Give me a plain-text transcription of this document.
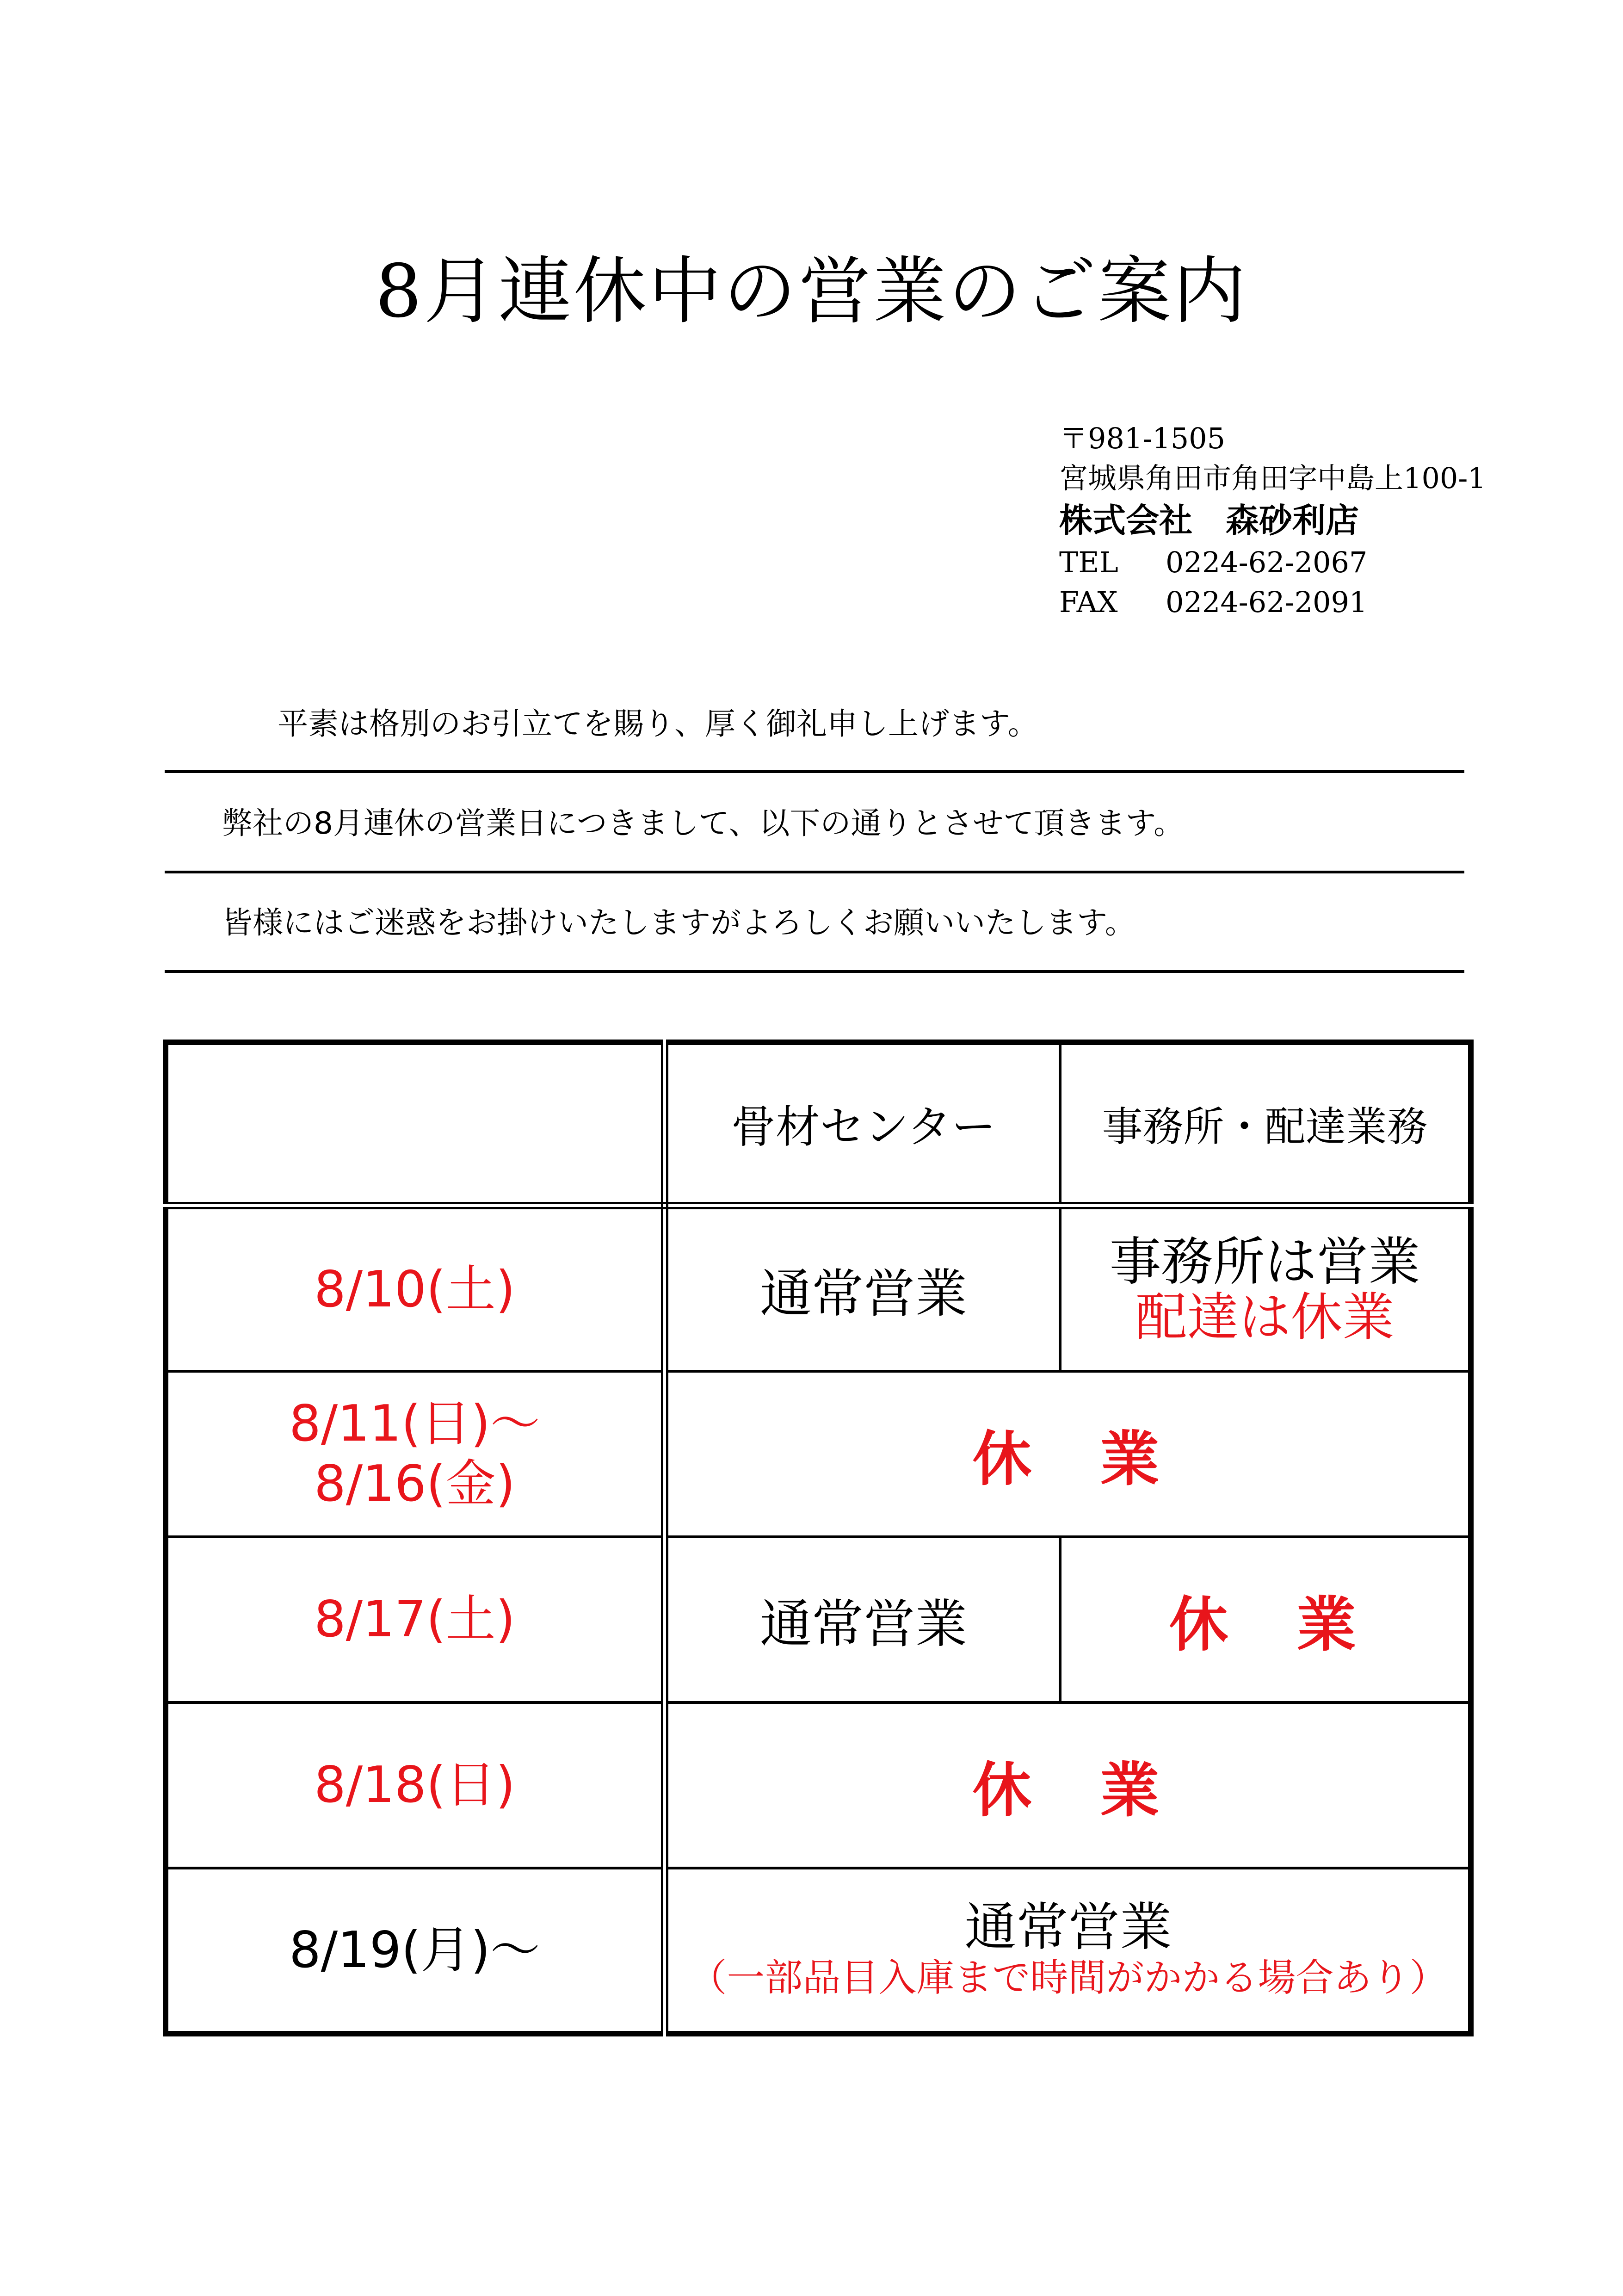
8月連休中の営業のご案内
〒981-1505
宮城県角田市角田字中島上100-1
株式会社　森砂利店
TEL 0224-62-2067
FAX 0224-62-2091
平素は格別のお引立てを賜り、厚く御礼申し上げます。
弊社の8月連休の営業日につきまして、以下の通りとさせて頂きます。
皆様にはご迷惑をお掛けいたしますがよろしくお願いいたします。
	骨材センター	事務所・配達業務
8/10(土)	通常営業	事務所は営業
配達は休業

8/11(日)～
8/16(金)	休　業	
8/17(土)	通常営業	休　業
8/18(日)	休　業	
8/19(月)～	通常営業
（一部品目入庫まで時間がかかる場合あり）	
